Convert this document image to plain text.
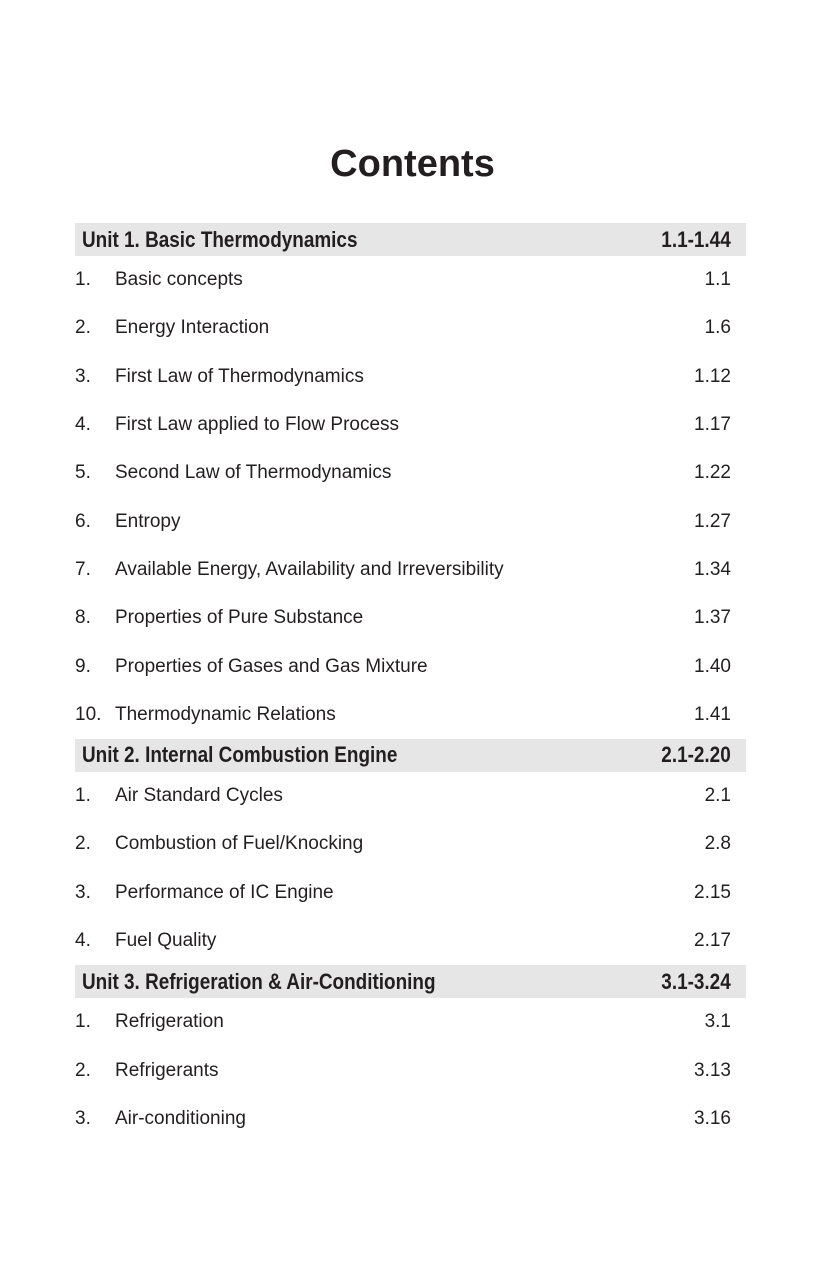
Contents
Unit 1. Basic Thermodynamics	1.1-1.44
1.	Basic concepts	1.1
2.	Energy Interaction	1.6
3.	First Law of Thermodynamics	1.12
4.	First Law applied to Flow Process	1.17
5.	Second Law of Thermodynamics	1.22
6.	Entropy	1.27
7.	Available Energy, Availability and Irreversibility	1.34
8.	Properties of Pure Substance	1.37
9.	Properties of Gases and Gas Mixture	1.40
10. Thermodynamic Relations	1.41
Unit 2. Internal Combustion Engine	2.1-2.20
1.	Air Standard Cycles	2.1
2.	Combustion of Fuel/Knocking	2.8
3.	Performance of IC Engine	2.15
4.	Fuel Quality	2.17
Unit 3. Refrigeration & Air-Conditioning	3.1-3.24
1.	Refrigeration	3.1
2.	Refrigerants	3.13
3.	Air-conditioning	3.16
